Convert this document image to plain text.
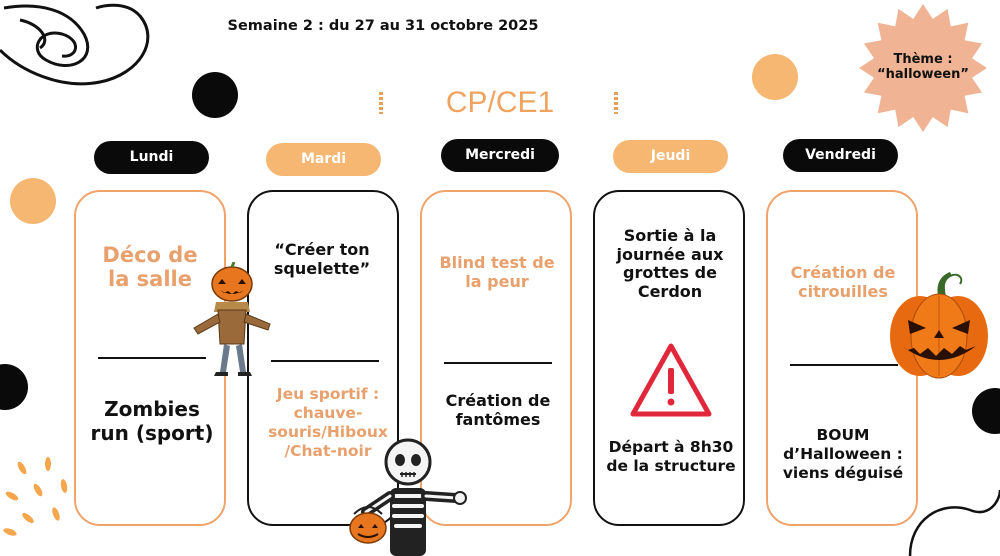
Semaine 2 : du 27 au 31 octobre 2025
Thème :
“halloween”
CP/CE1
Lundi	Mardi	Mercredi	Jeudi	Vendredi
Déco de la salle
Zombies run (sport)
“Créer ton squelette”
Jeu sportif : chauve-souris/Hiboux /Chat-noir
Blind test de la peur
Création de fantômes
Sortie à la journée aux grottes de Cerdon
Départ à 8h30 de la structure
Création de citrouilles
BOUM d’Halloween : viens déguisé
